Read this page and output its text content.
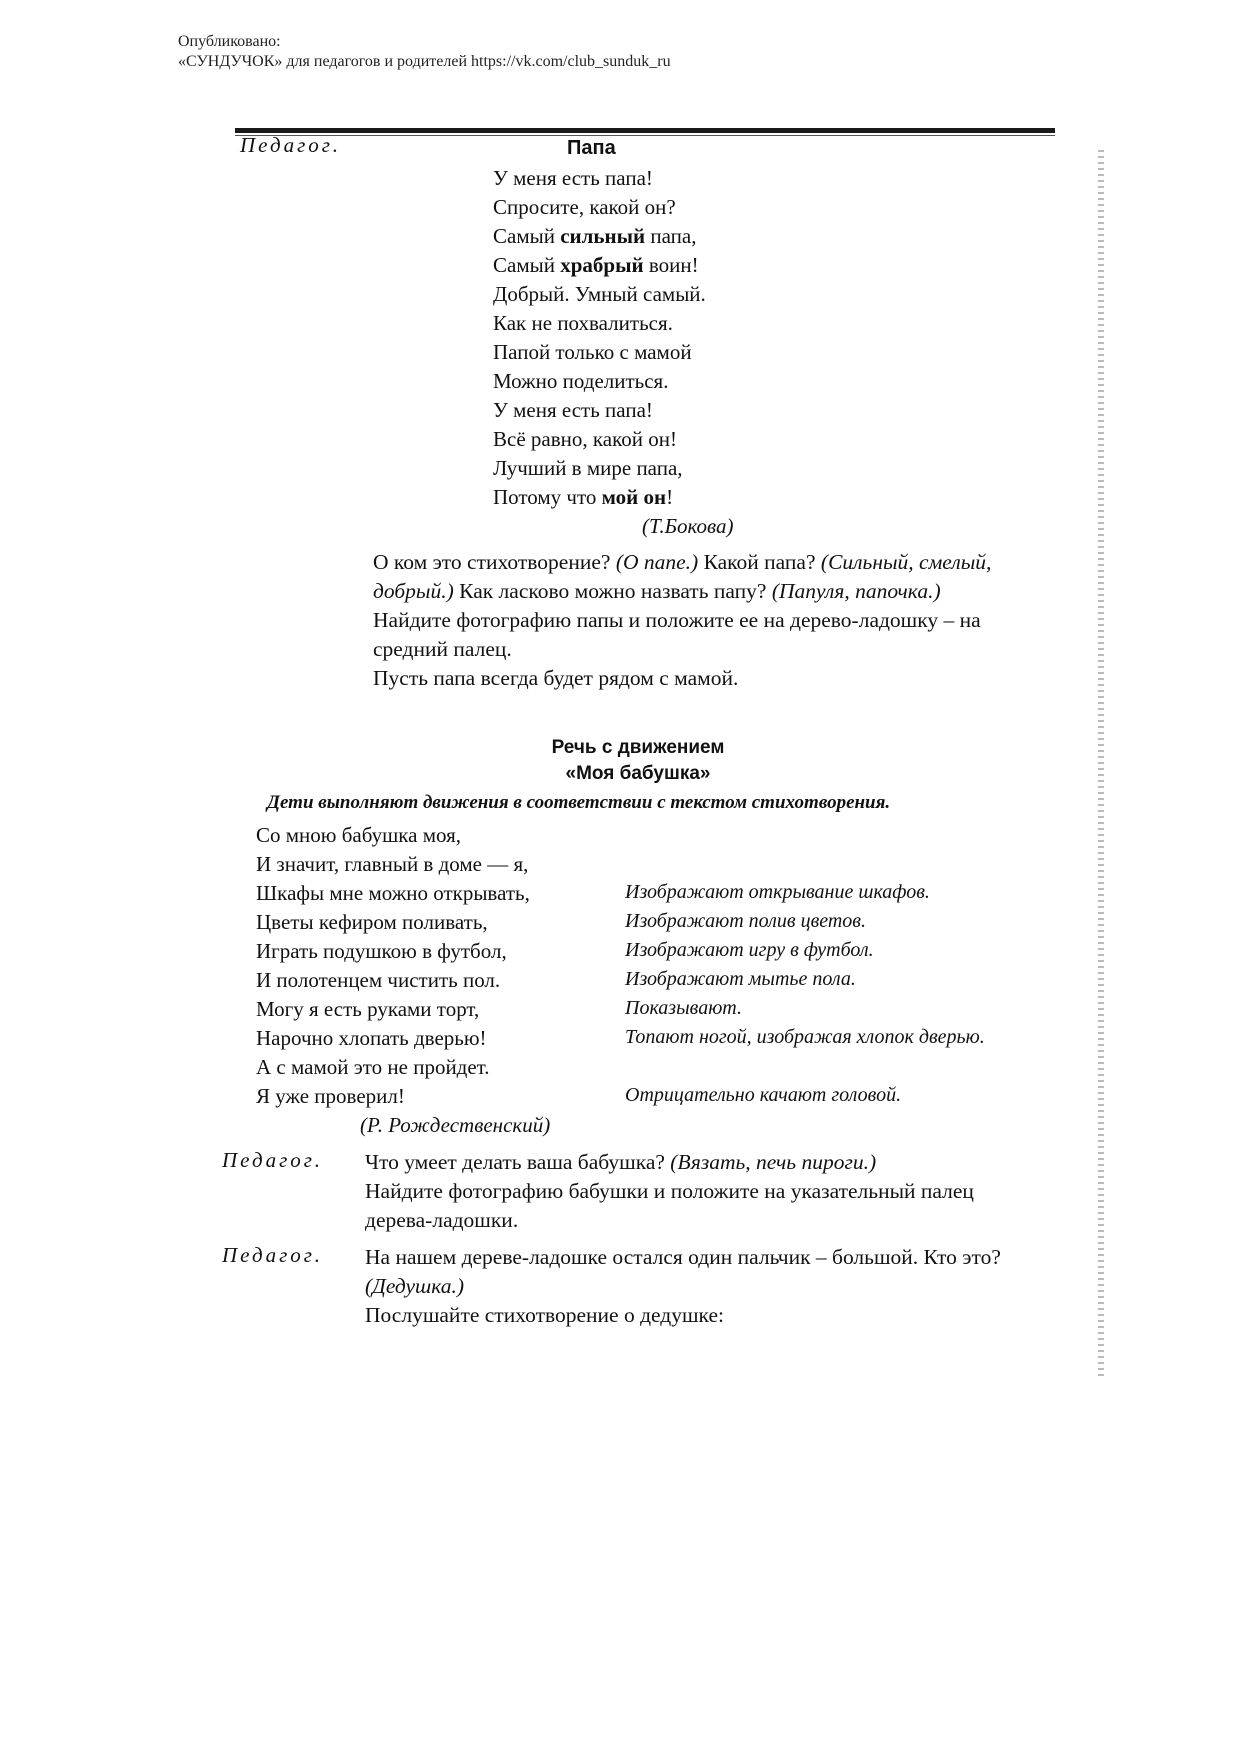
Опубликовано:
«СУНДУЧОК» для педагогов и родителей https://vk.com/club_sunduk_ru
Педагог.	Папа
У меня есть папа!
Спросите, какой он?
Самый сильный папа,
Самый храбрый воин!
Добрый. Умный самый.
Как не похвалиться.
Папой только с мамой
Можно поделиться.
У меня есть папа!
Всё равно, какой он!
Лучший в мире папа,
Потому что мой он!
(Т.Бокова)
О ком это стихотворение? (О папе.) Какой папа? (Сильный, смелый, добрый.) Как ласково можно назвать папу? (Папуля, папочка.)
Найдите фотографию папы и положите ее на дерево-ладошку – на средний палец.
Пусть папа всегда будет рядом с мамой.
Речь с движением
«Моя бабушка»
Дети выполняют движения в соответствии с текстом стихотворения.
Со мною бабушка моя,
И значит, главный в доме — я,
Шкафы мне можно открывать,
Цветы кефиром поливать,
Играть подушкою в футбол,
И полотенцем чистить пол.
Могу я есть руками торт,
Нарочно хлопать дверью!
А с мамой это не пройдет.
Я уже проверил!
Изображают открывание шкафов.
Изображают полив цветов.
Изображают игру в футбол.
Изображают мытье пола.
Показывают.
Топают ногой, изображая хлопок дверью.
Отрицательно качают головой.
(Р. Рождественский)
Педагог. Что умеет делать ваша бабушка? (Вязать, печь пироги.)
Найдите фотографию бабушки и положите на указательный палец дерева-ладошки.
Педагог. На нашем дереве-ладошке остался один пальчик – большой. Кто это? (Дедушка.)
Послушайте стихотворение о дедушке:
